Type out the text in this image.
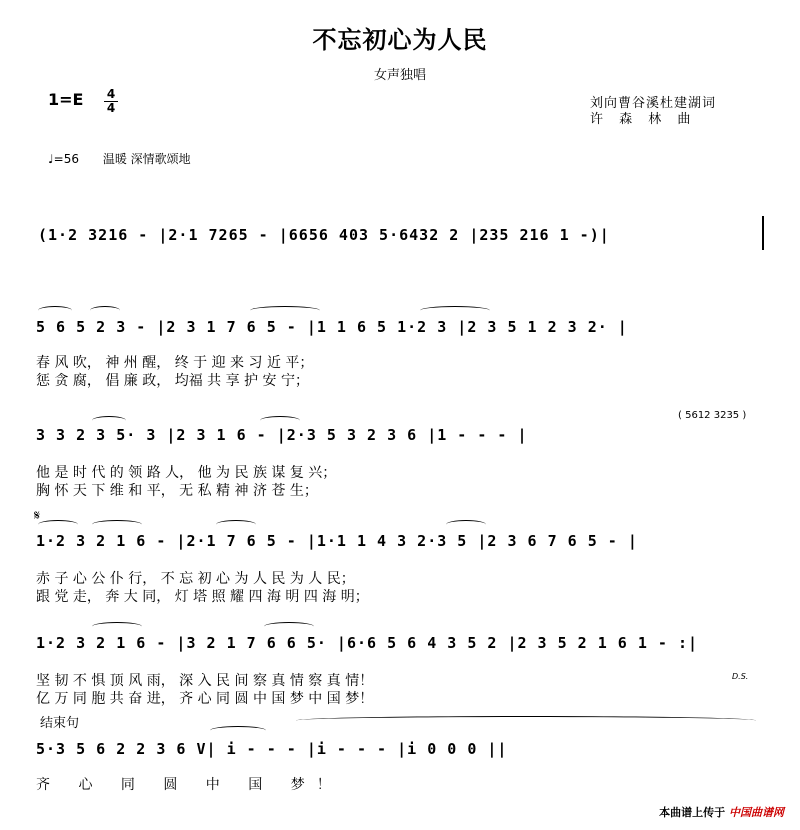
不忘初心为人民
女声独唱
1=E 4
4	刘向曹谷溪杜建湖词
许 森 林 曲
♩=56 温暖 深情歌颂地
(1·2 3216 - |2·1 7265 - |6656 403 5·6432 2 |235 216 1 -)|
5 6 5 2 3 - |2 3 1 7 6 5 - |1 1 6 5 1·2 3 |2 3 5 1 2 3 2· |
春 风 吹， 神 州 醒， 终 于 迎 来 习 近 平；
惩 贪 腐， 倡 廉 政， 均福 共 享 护 安 宁；
( 5612 3235 )
3 3 2 3 5· 3 |2 3 1 6 - |2·3 5 3 2 3 6 |1 - - - |
他 是 时 代 的 领 路 人， 他 为 民 族 谋 复 兴；
胸 怀 天 下 维 和 平， 无 私 精 神 济 苍 生；
𝄋
1·2 3 2 1 6 - |2·1 7 6 5 - |1·1 1 4 3 2·3 5 |2 3 6 7 6 5 - |
赤 子 心 公 仆 行， 不 忘 初 心 为 人 民 为 人 民；
跟 党 走， 奔 大 同， 灯 塔 照 耀 四 海 明 四 海 明；
1·2 3 2 1 6 - |3 2 1 7 6 6 5· |6·6 5 6 4 3 5 2 |2 3 5 2 1 6 1 - :|
坚 韧 不 惧 顶 风 雨， 深 入 民 间 察 真 情 察 真 情！
亿 万 同 胞 共 奋 进， 齐 心 同 圆 中 国 梦 中 国 梦！
D.S.
结束句
5·3 5 6 2 2 3 6 V| i - - - |i - - - |i 0 0 0 ||
齐 心 同 圆 中 国 梦！
本曲谱上传于 中国曲谱网
